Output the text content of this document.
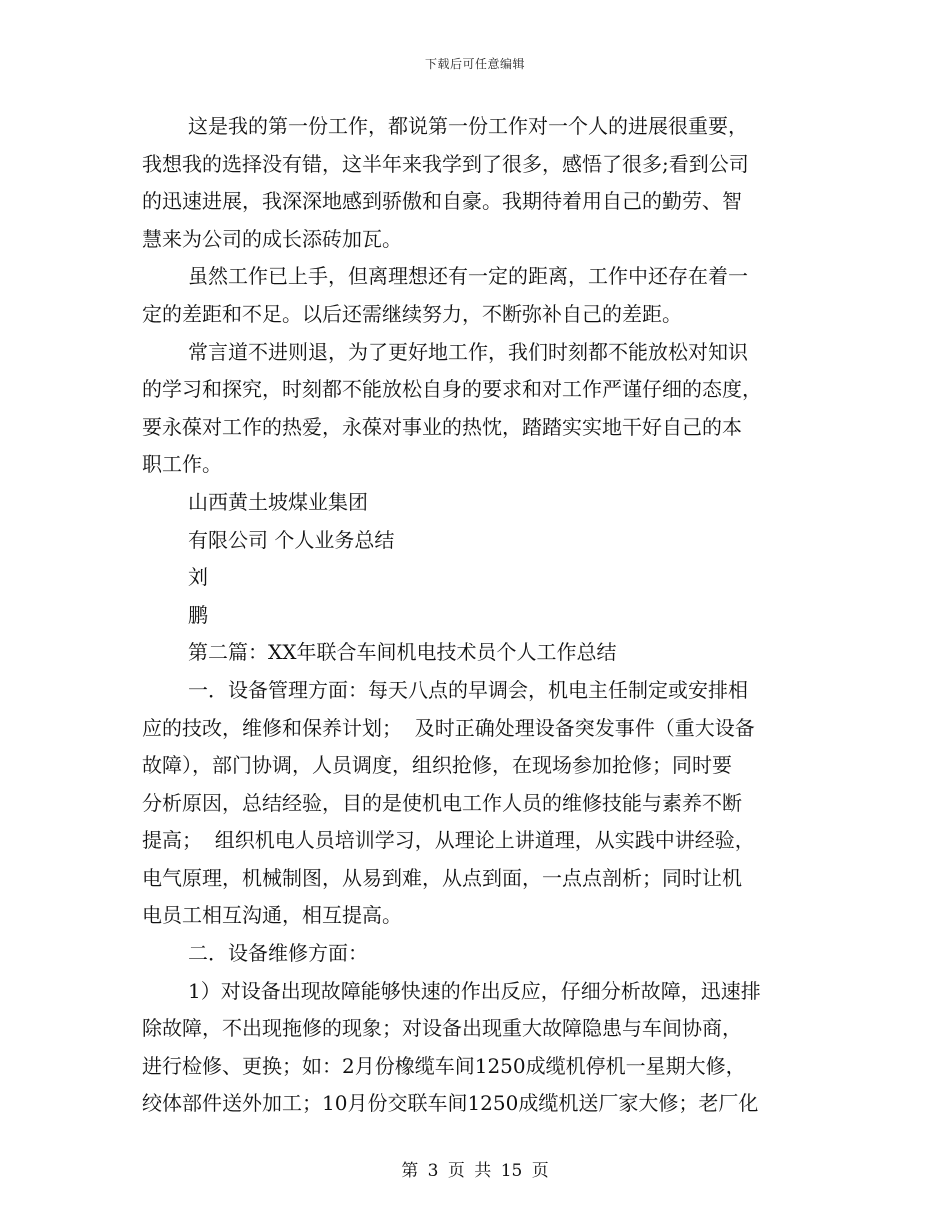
下载后可任意编辑
这是我的第一份工作，都说第一份工作对一个人的进展很重要，
我想我的选择没有错，这半年来我学到了很多，感悟了很多;看到公司
的迅速进展，我深深地感到骄傲和自豪。我期待着用自己的勤劳、智
慧来为公司的成长添砖加瓦。
虽然工作已上手，但离理想还有一定的距离，工作中还存在着一
定的差距和不足。以后还需继续努力，不断弥补自己的差距。
常言道不进则退，为了更好地工作，我们时刻都不能放松对知识
的学习和探究，时刻都不能放松自身的要求和对工作严谨仔细的态度，
要永葆对工作的热爱，永葆对事业的热忱，踏踏实实地干好自己的本
职工作。
山西黄土坡煤业集团
有限公司 个人业务总结
刘
鹏
第二篇：XX年联合车间机电技术员个人工作总结
一．设备管理方面：每天八点的早调会，机电主任制定或安排相
应的技改，维修和保养计划；  及时正确处理设备突发事件（重大设备
故障），部门协调，人员调度，组织抢修，在现场参加抢修；同时要
分析原因，总结经验，目的是使机电工作人员的维修技能与素养不断
提高；  组织机电人员培训学习，从理论上讲道理，从实践中讲经验，
电气原理，机械制图，从易到难，从点到面，一点点剖析；同时让机
电员工相互沟通，相互提高。
二．设备维修方面：
1）对设备出现故障能够快速的作出反应，仔细分析故障，迅速排
除故障，不出现拖修的现象；对设备出现重大故障隐患与车间协商，
进行检修、更换；如：2月份橡缆车间1250成缆机停机一星期大修，
绞体部件送外加工；10月份交联车间1250成缆机送厂家大修；老厂化
第 3 页 共 15 页
